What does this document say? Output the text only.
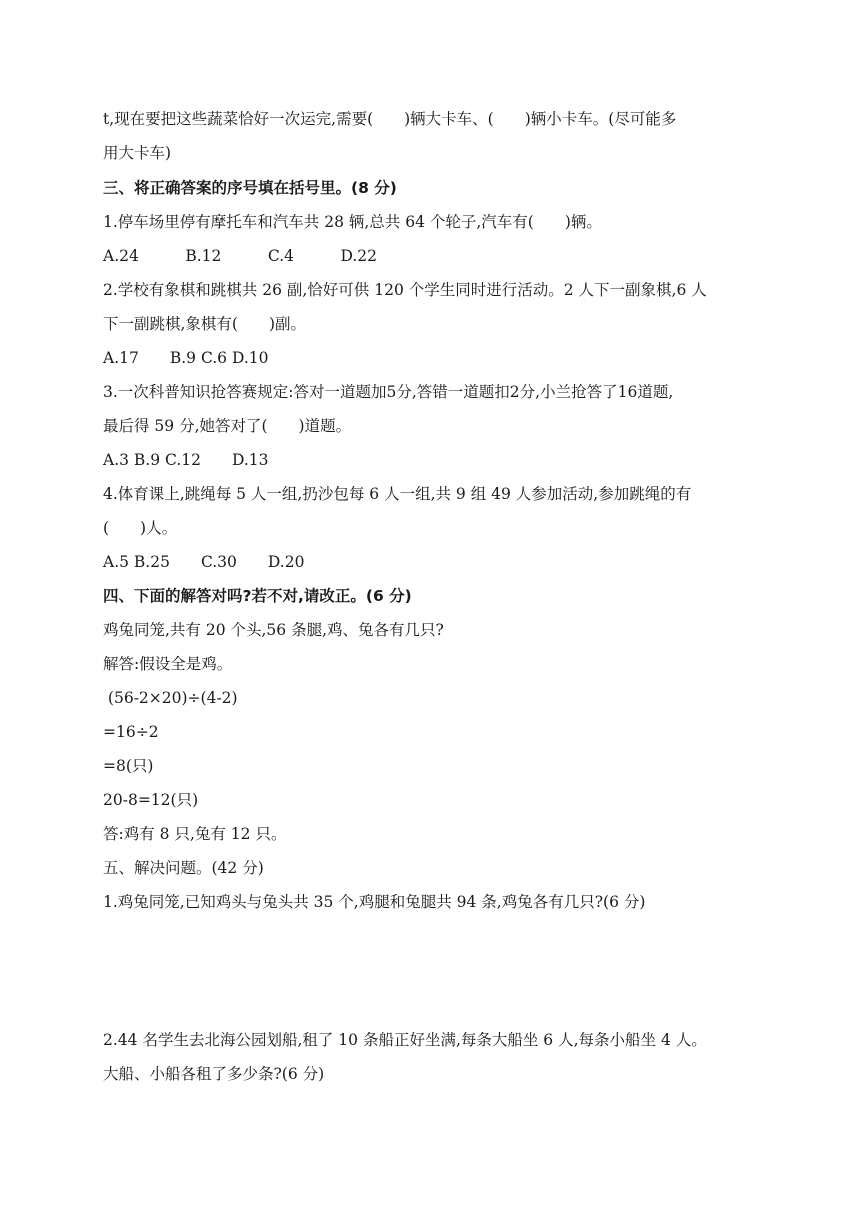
t,现在要把这些蔬菜恰好一次运完,需要(　　)辆大卡车、(　　)辆小卡车。(尽可能多

用大卡车)

三、将正确答案的序号填在括号里。(8 分)

1.停车场里停有摩托车和汽车共 28 辆,总共 64 个轮子,汽车有(　　)辆。

A.24　　　B.12　　　C.4　　　D.22

2.学校有象棋和跳棋共 26 副,恰好可供 120 个学生同时进行活动。2 人下一副象棋,6 人

下一副跳棋,象棋有(　　)副。

A.17　　B.9 C.6 D.10

3.一次科普知识抢答赛规定:答对一道题加5分,答错一道题扣2分,小兰抢答了16道题,

最后得 59 分,她答对了(　　)道题。

A.3 B.9 C.12　　D.13

4.体育课上,跳绳每 5 人一组,扔沙包每 6 人一组,共 9 组 49 人参加活动,参加跳绳的有

(　　)人。

A.5 B.25　　C.30　　D.20

四、下面的解答对吗?若不对,请改正。(6 分)

鸡兔同笼,共有 20 个头,56 条腿,鸡、兔各有几只?

解答:假设全是鸡。

(56-2×20)÷(4-2)

=16÷2

=8(只)

20-8=12(只)

答:鸡有 8 只,兔有 12 只。

五、解决问题。(42 分)

1.鸡兔同笼,已知鸡头与兔头共 35 个,鸡腿和兔腿共 94 条,鸡兔各有几只?(6 分)

2.44 名学生去北海公园划船,租了 10 条船正好坐满,每条大船坐 6 人,每条小船坐 4 人。

大船、小船各租了多少条?(6 分)
